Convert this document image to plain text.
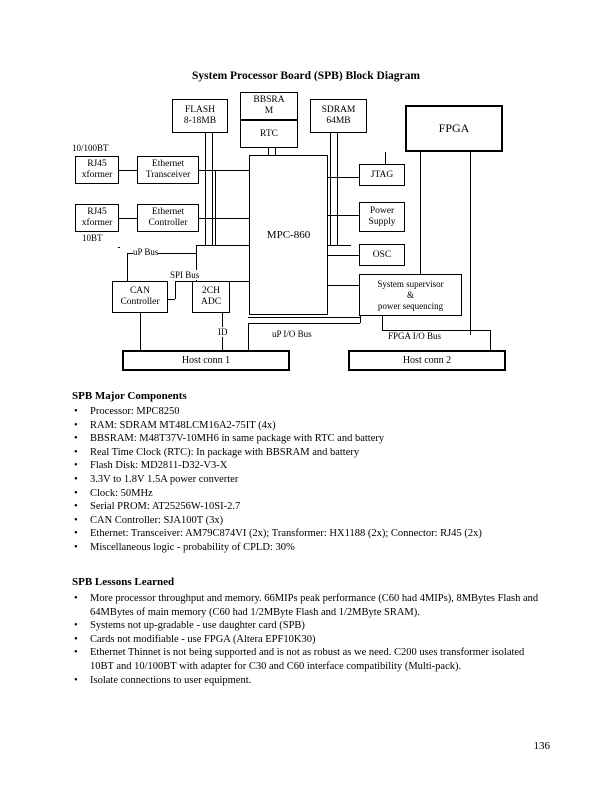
System Processor Board (SPB) Block Diagram
FLASH
8-18MB
BBSRA
M
RTC
SDRAM
64MB	FPGA
RJ45
xformer
Ethernet
Transceiver
RJ45
xformer
Ethernet
Controller
MPC-860
JTAG
Power
Supply
OSC
System supervisor
&
power sequencing
CAN
Controller
2CH
ADC
Host conn 1	Host conn 2
10/100BT
10BT
uP Bus
SPI Bus
ID	uP I/O Bus	FPGA I/O Bus
SPB Major Components
• Processor: MPC8250
• RAM: SDRAM MT48LCM16A2-75IT (4x)
• BBSRAM: M48T37V-10MH6 in same package with RTC and battery
• Real Time Clock (RTC): In package with BBSRAM and battery
• Flash Disk: MD2811-D32-V3-X
• 3.3V to 1.8V 1.5A power converter
• Clock: 50MHz
• Serial PROM: AT25256W-10SI-2.7
• CAN Controller: SJA100T (3x)
• Ethernet: Transceiver: AM79C874VI (2x); Transformer: HX1188 (2x); Connector: RJ45 (2x)
• Miscellaneous logic - probability of CPLD: 30%
SPB Lessons Learned
• More processor throughput and memory. 66MIPs peak performance (C60 had 4MIPs), 8MBytes Flash and 64MBytes of main memory (C60 had 1/2MByte Flash and 1/2MByte SRAM).
• Systems not up-gradable - use daughter card (SPB)
• Cards not modifiable - use FPGA (Altera EPF10K30)
• Ethernet Thinnet is not being supported and is not as robust as we need. C200 uses transformer isolated 10BT and 10/100BT with adapter for C30 and C60 interface compatibility (Multi-pack).
• Isolate connections to user equipment.
136
